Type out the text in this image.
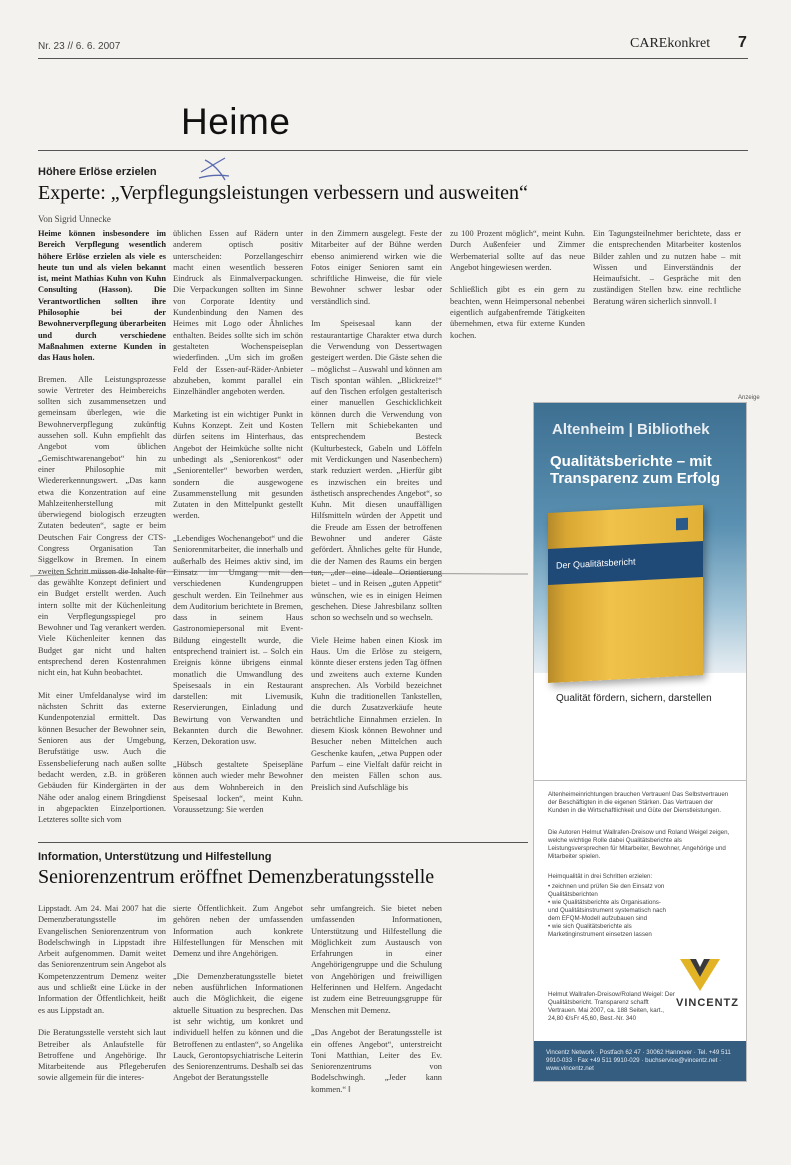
Nr. 23 // 6. 6. 2007	CAREkonkret 7
Heime
Höhere Erlöse erzielen
Experte: „Verpflegungsleistungen verbessern und ausweiten“
Von Sigrid Unnecke

Heime können insbesondere im Bereich Verpflegung wesentlich höhere Erlöse erzielen als viele es heute tun und als vielen bekannt ist, meint Mathias Kuhn von Kuhn Consulting (Hasson). Die Verantwortlichen sollten ihre Philosophie bei der Bewohnerverpflegung überarbeiten und durch verschiedene Maßnahmen externe Kunden in das Haus holen.

Bremen. Alle Leistungsprozesse sowie Vertreter des Heimbereichs sollten sich zusammensetzen und gemeinsam überlegen, wie die Bewohnerverpflegung zukünftig aussehen soll. Kuhn empfiehlt das Angebot vom üblichen „Gemischtwarenangebot“ hin zu einer Philosophie mit Wiedererkennungswert. „Das kann etwa die Konzentration auf eine Mahlzeitenherstellung mit überwiegend biologisch erzeugten Zutaten bedeuten“, sagte er beim Deutschen Fair Congress der CTS-Congress Organisation Tan Siggelkow in Bremen. In einem zweiten Schritt müssen die Inhalte für das gewählte Konzept definiert und ein Budget erstellt werden. Auch intern sollte mit der Küchenleitung ein Verpflegungsspiegel pro Bewohner und Tag verankert werden. Viele Küchenleiter kennen das Budget gar nicht und halten entsprechend deren Kostenrahmen nicht ein, hat Kuhn beobachtet.

Mit einer Umfeldanalyse wird im nächsten Schritt das externe Kundenpotenzial ermittelt. Das können Besucher der Bewohner sein, Senioren aus der Umgebung, Berufstätige usw. Auch die Essensbelieferung nach außen sollte bedacht werden, z.B. in größeren Gebäuden für Kindergärten in der Nähe oder analog einem Bringdienst in abgepackten Einzelportionen. Letzteres sollte sich vom

üblichen Essen auf Rädern unter anderem optisch positiv unterscheiden: Porzellangeschirr macht einen wesentlich besseren Eindruck als Einmalverpackungen. Die Verpackungen sollten im Sinne von Corporate Identity und Kundenbindung den Namen des Heimes mit Logo oder Ähnliches enthalten. Beides sollte sich im schön gestalteten Wochenspeiseplan wiederfinden. „Um sich im großen Feld der Essen-auf-Räder-Anbieter abzuheben, kommt parallel ein Einzelhändler angeboten werden.

Marketing ist ein wichtiger Punkt in Kuhns Konzept. Zeit und Kosten dürfen seitens im Hinterhaus, das Angebot der Heimküche sollte nicht unbedingt als „Seniorenkost“ oder „Seniorenteller“ beworben werden, sondern die ausgewogene Zusammenstellung mit gesunden Zutaten in den Mittelpunkt gestellt werden.

„Lebendiges Wochenangebot“ und die Seniorenmitarbeiter, die innerhalb und außerhalb des Heimes aktiv sind, im Einsatz im Umgang mit den verschiedenen Kundengruppen geschult werden. Ein Teilnehmer aus dem Auditorium berichtete in Bremen, dass in seinem Haus Gastronomiepersonal mit Event-Bildung eingestellt wurde, die entsprechend trainiert ist. – Solch ein Ereignis könne übrigens einmal monatlich die Umwandlung des Speisesaals in ein Restaurant darstellen: mit Livemusik, Reservierungen, Einladung und Bewirtung von Verwandten und Bekannten durch die Bewohner. Kerzen, Dekoration usw.

„Hübsch gestaltete Speisepläne können auch wieder mehr Bewohner aus dem Wohnbereich in den Speisesaal locken“, meint Kuhn. Voraussetzung: Sie werden
in den Zimmern ausgelegt. Feste der Mitarbeiter auf der Bühne werden ebenso animierend wirken wie die Fotos einiger Senioren samt ein schriftliche Hinweise, die für viele Bewohner schwer lesbar oder verständlich sind.

Im Speisesaal kann der restaurantartige Charakter etwa durch die Verwendung von Dessertwagen gesteigert werden. Die Gäste sehen die – möglichst – Auswahl und können am Tisch spontan wählen. „Blickreize!“ auf den Tischen erfolgen gestalterisch einer manuellen Geschicklichkeit können durch die Verwendung von Tellern mit Schiebekanten und entsprechendem Besteck (Kulturbesteck, Gabeln und Löffeln mit Verdickungen und Nasenbechern) stark reduziert werden. „Hierfür gibt es inzwischen ein breites und ästhetisch ansprechendes Angebot“, so Kuhn. Mit diesen unauffälligen Hilfsmitteln würden der Appetit und die Freude am Essen der betroffenen Bewohner und anderer Gäste gefördert. Ähnliches gelte für Hunde, die der Namen des Raums ein bergen tun, „der eine ideale Orientierung bietet – und in Reisen „guten Appetit“ wünschen, wie es in einigen Heimen geschehen. Diese Jahresbilanz sollten schon so wechseln und so wechseln.

Viele Heime haben einen Kiosk im Haus. Um die Erlöse zu steigern, könnte dieser erstens jeden Tag öffnen und zweitens auch externe Kunden ansprechen. Als Vorbild bezeichnet Kuhn die traditionellen Tankstellen, die durch Zusatzverkäufe heute beträchtliche Einnahmen erzielen. In diesem Kiosk können Bewohner und Besucher neben Mittelchen auch Geschenke kaufen, „etwa Puppen oder Parfum – eine Vielfalt dafür reicht in den meisten Fällen schon aus. Preislich sind Aufschläge bis
zu 100 Prozent möglich“, meint Kuhn. Durch Außenfeier und Zimmer Werbematerial sollte auf das neue Angebot hingewiesen werden.

Schließlich gibt es ein gern zu beachten, wenn Heimpersonal nebenbei eigentlich aufgabenfremde Tätigkeiten übernehmen, etwa für externe Kunden kochen.
Ein Tagungsteilnehmer berichtete, dass er die entsprechenden Mitarbeiter kostenlos Bilder zahlen und zu nutzen habe – mit Wissen und Einverständnis der Heimaufsicht. – Gespräche mit den zuständigen Stellen bzw. eine rechtliche Beratung wären sicherlich sinnvoll. ‖
Anzeige
Altenheim | Bibliothek
Qualitätsberichte – mit Transparenz zum Erfolg
Der Qualitätsbericht
Qualität fördern, sichern, darstellen
Altenheimeinrichtungen brauchen Vertrauen! Das Selbstvertrauen der Beschäftigten in die eigenen Stärken. Das Vertrauen der Kunden in die Wirtschaftlichkeit und Güte der Dienstleistungen.
Die Autoren Helmut Wallrafen-Dreisow und Roland Weigel zeigen, welche wichtige Rolle dabei Qualitätsberichte als Leistungsversprechen für Mitarbeiter, Bewohner, Angehörige und Mitarbeiter spielen.
Heimqualität in drei Schritten erzielen:
• zeichnen und prüfen Sie den Einsatz von Qualitätsberichten
• wie Qualitätsberichte als Organisations- und Qualitätsinstrument systematisch nach dem EFQM-Modell aufzubauen sind
• wie sich Qualitätsberichte als Marketinginstrument einsetzen lassen
Helmut Wallrafen-Dreisow/Roland Weigel: Der Qualitätsbericht. Transparenz schafft Vertrauen. Mai 2007, ca. 188 Seiten, kart., 24,80 €/sFr 45,60, Best.-Nr. 340
Vincentz Network · Postfach 62 47 · 30062 Hannover · Tel. +49 511 9910-033 · Fax +49 511 9910-029 · buchservice@vincentz.net · www.vincentz.net
VINCENTZ
Information, Unterstützung und Hilfestellung
Seniorenzentrum eröffnet Demenzberatungsstelle
Lippstadt. Am 24. Mai 2007 hat die Demenzberatungsstelle im Evangelischen Seniorenzentrum von Bodelschwingh in Lippstadt ihre Arbeit aufgenommen. Damit weitet das Seniorenzentrum sein Angebot als Kompetenzzentrum Demenz weiter aus und schließt eine Lücke in der Information der Öffentlichkeit, heißt es aus Lippstadt an.

Die Beratungsstelle versteht sich laut Betreiber als Anlaufstelle für Betroffene und Angehörige. Ihr Mitarbeitende aus Pflegeberufen sowie allgemein für die interes-
sierte Öffentlichkeit. Zum Angebot gehören neben der umfassenden Information auch konkrete Hilfestellungen für Menschen mit Demenz und ihre Angehörigen.

„Die Demenzberatungsstelle bietet neben ausführlichen Informationen auch die Möglichkeit, die eigene aktuelle Situation zu besprechen. Das ist sehr wichtig, um konkret und individuell helfen zu können und die Betroffenen zu entlasten“, so Angelika Lauck, Gerontopsychiatrische Leiterin des Seniorenzentrums. Deshalb sei das Angebot der Beratungsstelle
sehr umfangreich. Sie bietet neben umfassenden Informationen, Unterstützung und Hilfestellung die Möglichkeit zum Austausch von Erfahrungen in einer Angehörigengruppe und die Schulung von Angehörigen und freiwilligen Helferinnen und Helfern. Angedacht ist zudem eine Betreuungsgruppe für Menschen mit Demenz.

„Das Angebot der Beratungsstelle ist ein offenes Angebot“, unterstreicht Toni Matthian, Leiter des Ev. Seniorenzentrums von Bodelschwingh. „Jeder kann kommen.“ ‖
